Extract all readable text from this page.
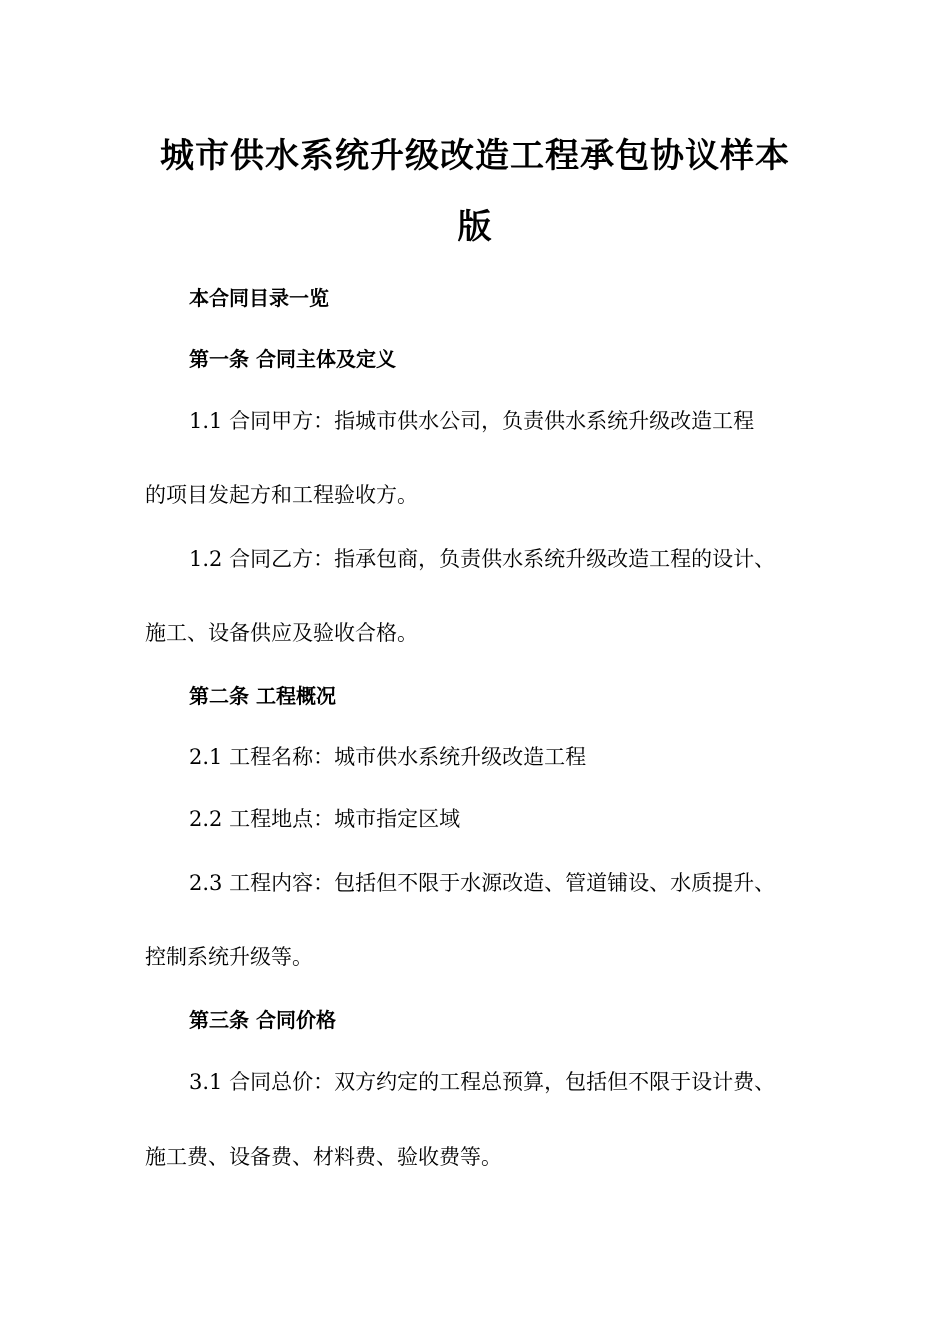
城市供水系统升级改造工程承包协议样本
版
本合同目录一览
第一条 合同主体及定义
1.1 合同甲方：指城市供水公司，负责供水系统升级改造工程
的项目发起方和工程验收方。
1.2 合同乙方：指承包商，负责供水系统升级改造工程的设计、
施工、设备供应及验收合格。
第二条 工程概况
2.1 工程名称：城市供水系统升级改造工程
2.2 工程地点：城市指定区域
2.3 工程内容：包括但不限于水源改造、管道铺设、水质提升、
控制系统升级等。
第三条 合同价格
3.1 合同总价：双方约定的工程总预算，包括但不限于设计费、
施工费、设备费、材料费、验收费等。
